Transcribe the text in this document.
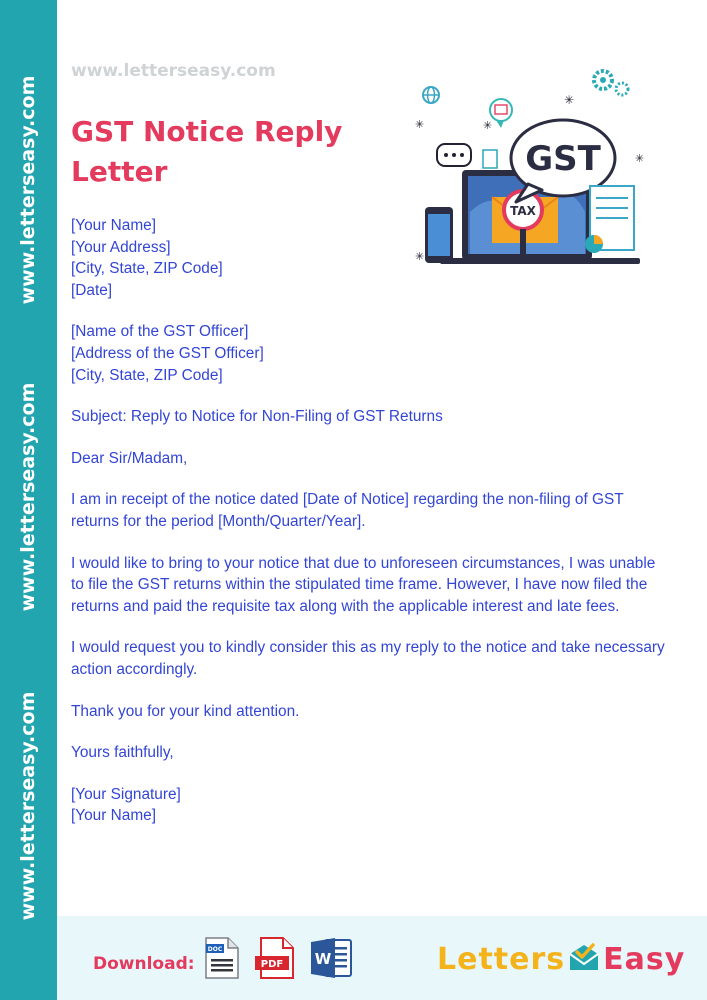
www.letterseasy.com
www.letterseasy.com
www.letterseasy.com
www.letterseasy.com
GST Notice Reply Letter
✳
✳	✳
✳
✳
TAX
GST

[Your Name]

[Your Address]

[City, State, ZIP Code]

[Date]

[Name of the GST Officer]

[Address of the GST Officer]

[City, State, ZIP Code]

Subject: Reply to Notice for Non-Filing of GST Returns

Dear Sir/Madam,

I am in receipt of the notice dated [Date of Notice] regarding the non-filing of GST returns for the period [Month/Quarter/Year].

I would like to bring to your notice that due to unforeseen circumstances, I was unable to file the GST returns within the stipulated time frame. However, I have now filed the returns and paid the requisite tax along with the applicable interest and late fees.

I would request you to kindly consider this as my reply to the notice and take necessary action accordingly.

Thank you for your kind attention.

Yours faithfully,

[Your Signature]

[Your Name]

Download:
DOC
PDF W	Letters Easy
